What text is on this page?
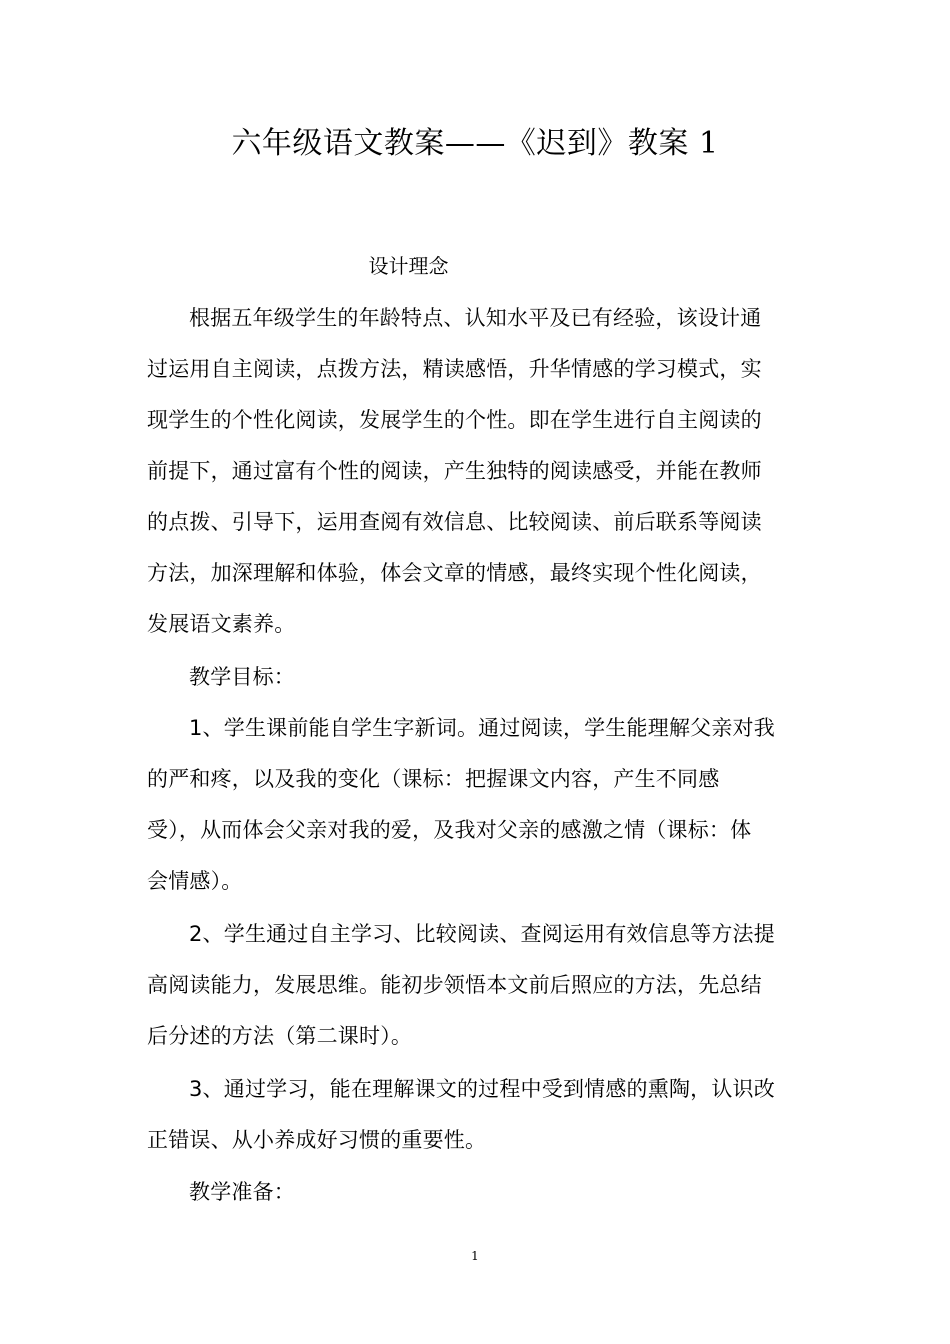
六年级语文教案——《迟到》教案 1
设计理念
根据五年级学生的年龄特点、认知水平及已有经验，该设计通
过运用自主阅读，点拨方法，精读感悟，升华情感的学习模式，实
现学生的个性化阅读，发展学生的个性。即在学生进行自主阅读的
前提下，通过富有个性的阅读，产生独特的阅读感受，并能在教师
的点拨、引导下，运用查阅有效信息、比较阅读、前后联系等阅读
方法，加深理解和体验，体会文章的情感，最终实现个性化阅读，
发展语文素养。
教学目标：
1、学生课前能自学生字新词。通过阅读，学生能理解父亲对我
的严和疼，以及我的变化（课标：把握课文内容，产生不同感
受），从而体会父亲对我的爱，及我对父亲的感激之情（课标：体
会情感）。
2、学生通过自主学习、比较阅读、查阅运用有效信息等方法提
高阅读能力，发展思维。能初步领悟本文前后照应的方法，先总结
后分述的方法（第二课时）。
3、通过学习，能在理解课文的过程中受到情感的熏陶，认识改
正错误、从小养成好习惯的重要性。
教学准备：
1
